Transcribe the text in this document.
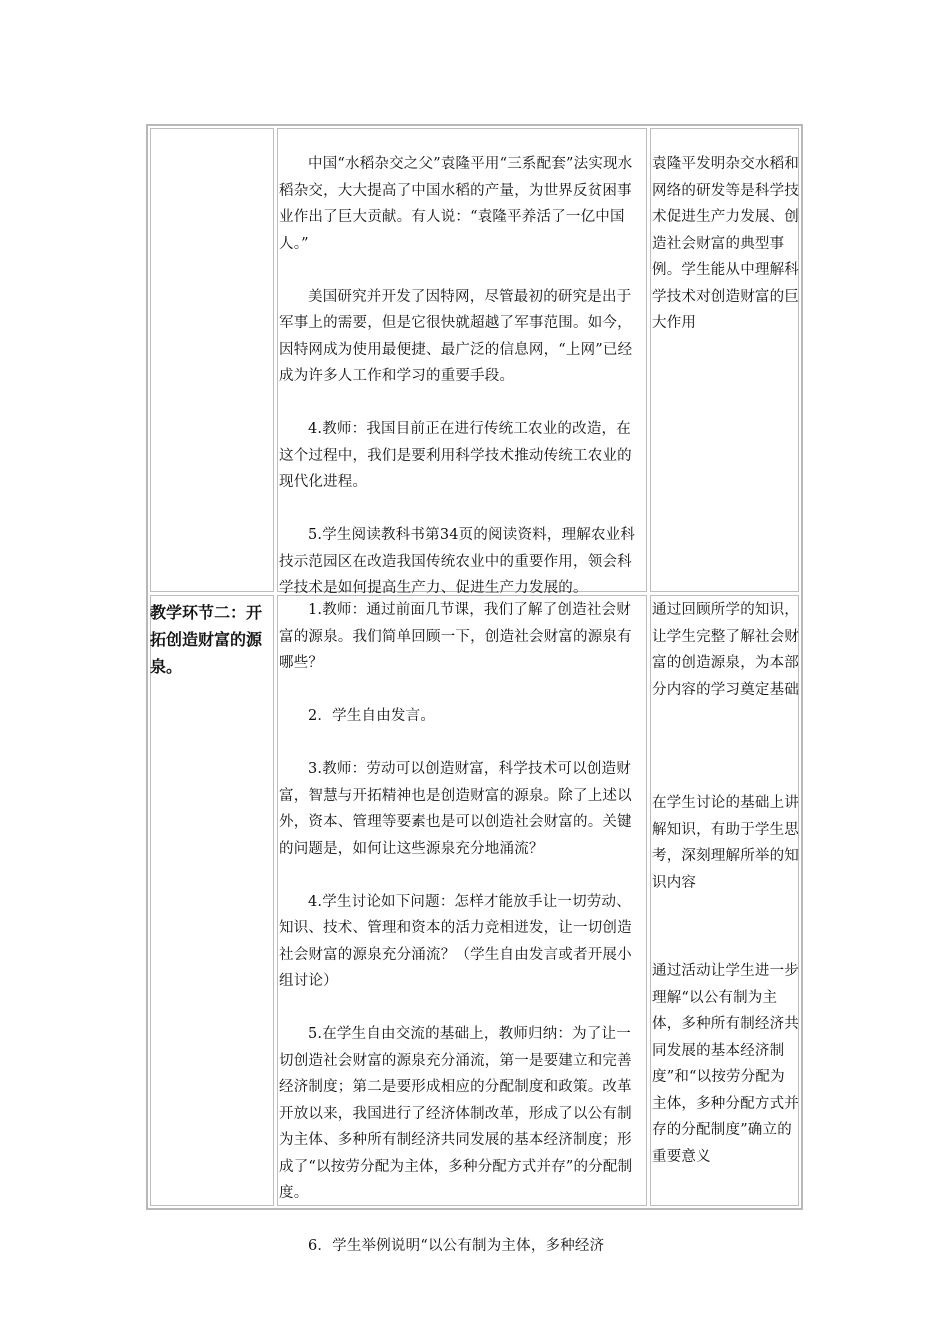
中国“水稻杂交之父”袁隆平用“三系配套”法实现水稻杂交，大大提高了中国水稻的产量，为世界反贫困事业作出了巨大贡献。有人说：“袁隆平养活了一亿中国人。”

美国研究并开发了因特网，尽管最初的研究是出于军事上的需要，但是它很快就超越了军事范围。如今，因特网成为使用最便捷、最广泛的信息网，“上网”已经成为许多人工作和学习的重要手段。

4.教师：我国目前正在进行传统工农业的改造，在这个过程中，我们是要利用科学技术推动传统工农业的现代化进程。

5.学生阅读教科书第34页的阅读资料，理解农业科技示范园区在改造我国传统农业中的重要作用，领会科学技术是如何提高生产力、促进生产力发展的。

袁隆平发明杂交水稻和网络的研发等是科学技术促进生产力发展、创造社会财富的典型事例。学生能从中理解科学技术对创造财富的巨大作用
教学环节二：开拓创造财富的源泉。

1.教师：通过前面几节课，我们了解了创造社会财富的源泉。我们简单回顾一下，创造社会财富的源泉有哪些？

2．学生自由发言。

3.教师：劳动可以创造财富，科学技术可以创造财富，智慧与开拓精神也是创造财富的源泉。除了上述以外，资本、管理等要素也是可以创造社会财富的。关键的问题是，如何让这些源泉充分地涌流？

4.学生讨论如下问题：怎样才能放手让一切劳动、知识、技术、管理和资本的活力竞相迸发，让一切创造社会财富的源泉充分涌流？（学生自由发言或者开展小组讨论）

5.在学生自由交流的基础上，教师归纳：为了让一切创造社会财富的源泉充分涌流，第一是要建立和完善经济制度；第二是要形成相应的分配制度和政策。改革开放以来，我国进行了经济体制改革，形成了以公有制为主体、多种所有制经济共同发展的基本经济制度；形成了“以按劳分配为主体，多种分配方式并存”的分配制度。

6．学生举例说明“以公有制为主体，多种经济

通过回顾所学的知识，让学生完整了解社会财富的创造源泉，为本部分内容的学习奠定基础
在学生讨论的基础上讲解知识，有助于学生思考，深刻理解所举的知识内容
通过活动让学生进一步理解“以公有制为主体，多种所有制经济共同发展的基本经济制度”和“以按劳分配为主体，多种分配方式并存的分配制度”确立的重要意义
